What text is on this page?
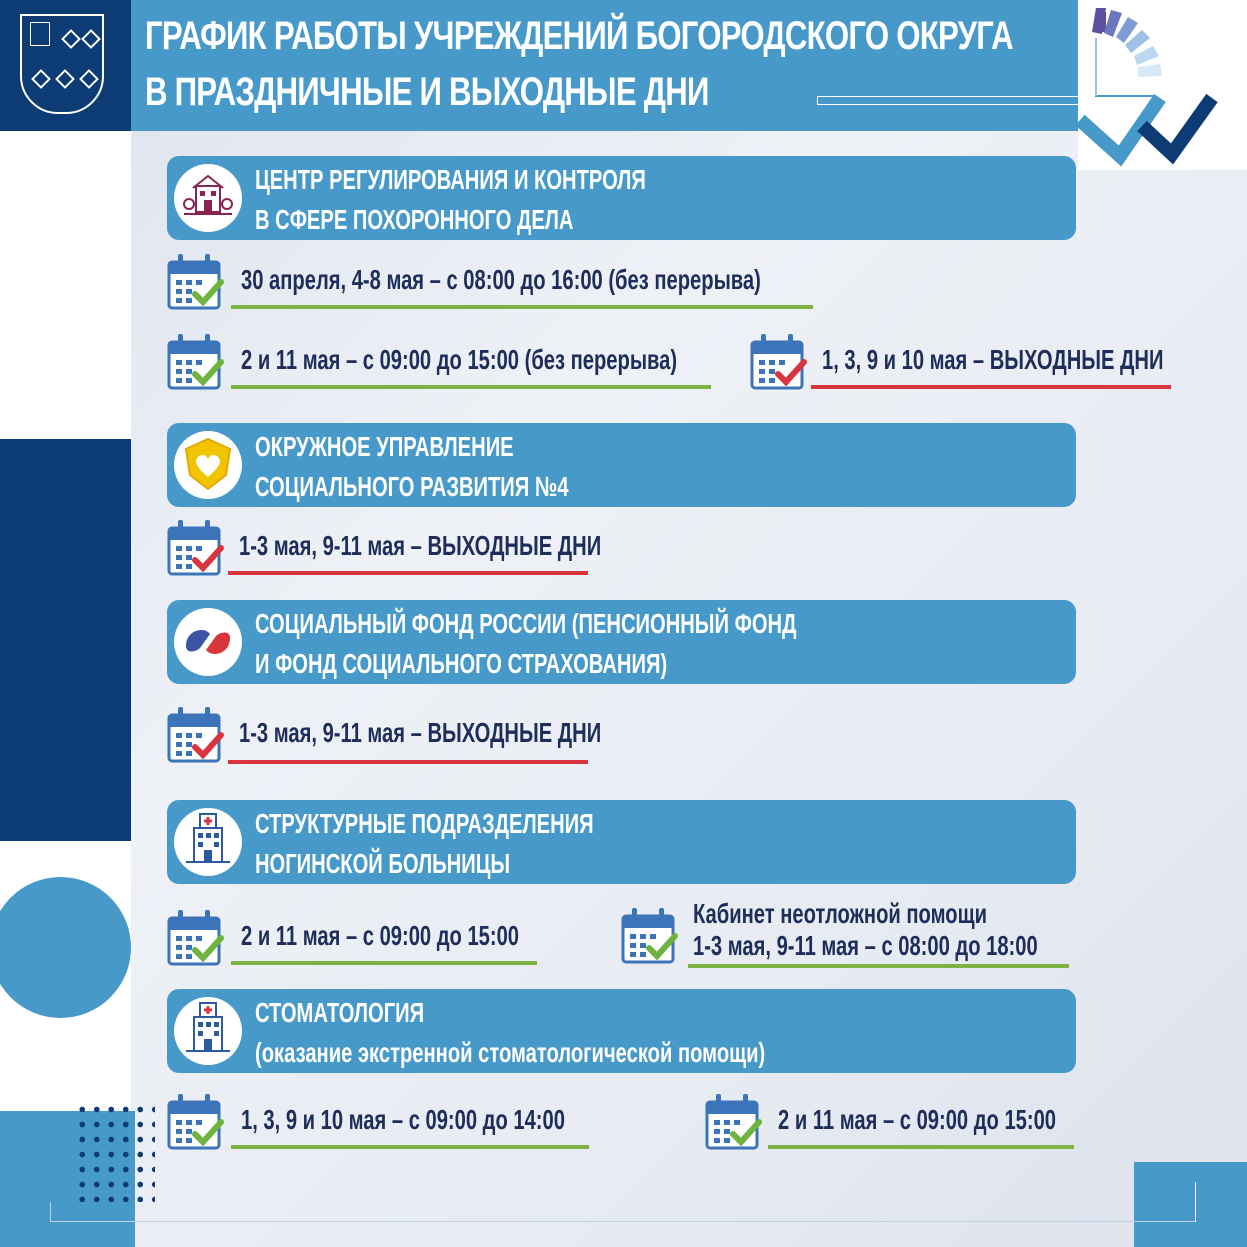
ГРАФИК РАБОТЫ УЧРЕЖДЕНИЙ БОГОРОДСКОГО ОКРУГА
В ПРАЗДНИЧНЫЕ И ВЫХОДНЫЕ ДНИ
ЦЕНТР РЕГУЛИРОВАНИЯ И КОНТРОЛЯ
В СФЕРЕ ПОХОРОННОГО ДЕЛА
30 апреля, 4-8 мая – с 08:00 до 16:00 (без перерыва)
2 и 11 мая – с 09:00 до 15:00 (без перерыва)	1, 3, 9 и 10 мая – ВЫХОДНЫЕ ДНИ
ОКРУЖНОЕ УПРАВЛЕНИЕ
СОЦИАЛЬНОГО РАЗВИТИЯ №4
1-3 мая, 9-11 мая – ВЫХОДНЫЕ ДНИ
СОЦИАЛЬНЫЙ ФОНД РОССИИ (ПЕНСИОННЫЙ ФОНД
И ФОНД СОЦИАЛЬНОГО СТРАХОВАНИЯ)
1-3 мая, 9-11 мая – ВЫХОДНЫЕ ДНИ
СТРУКТУРНЫЕ ПОДРАЗДЕЛЕНИЯ
НОГИНСКОЙ БОЛЬНИЦЫ
2 и 11 мая – с 09:00 до 15:00
Кабинет неотложной помощи
1-3 мая, 9-11 мая – с 08:00 до 18:00
СТОМАТОЛОГИЯ
(оказание экстренной стоматологической помощи)
1, 3, 9 и 10 мая – с 09:00 до 14:00	2 и 11 мая – с 09:00 до 15:00
